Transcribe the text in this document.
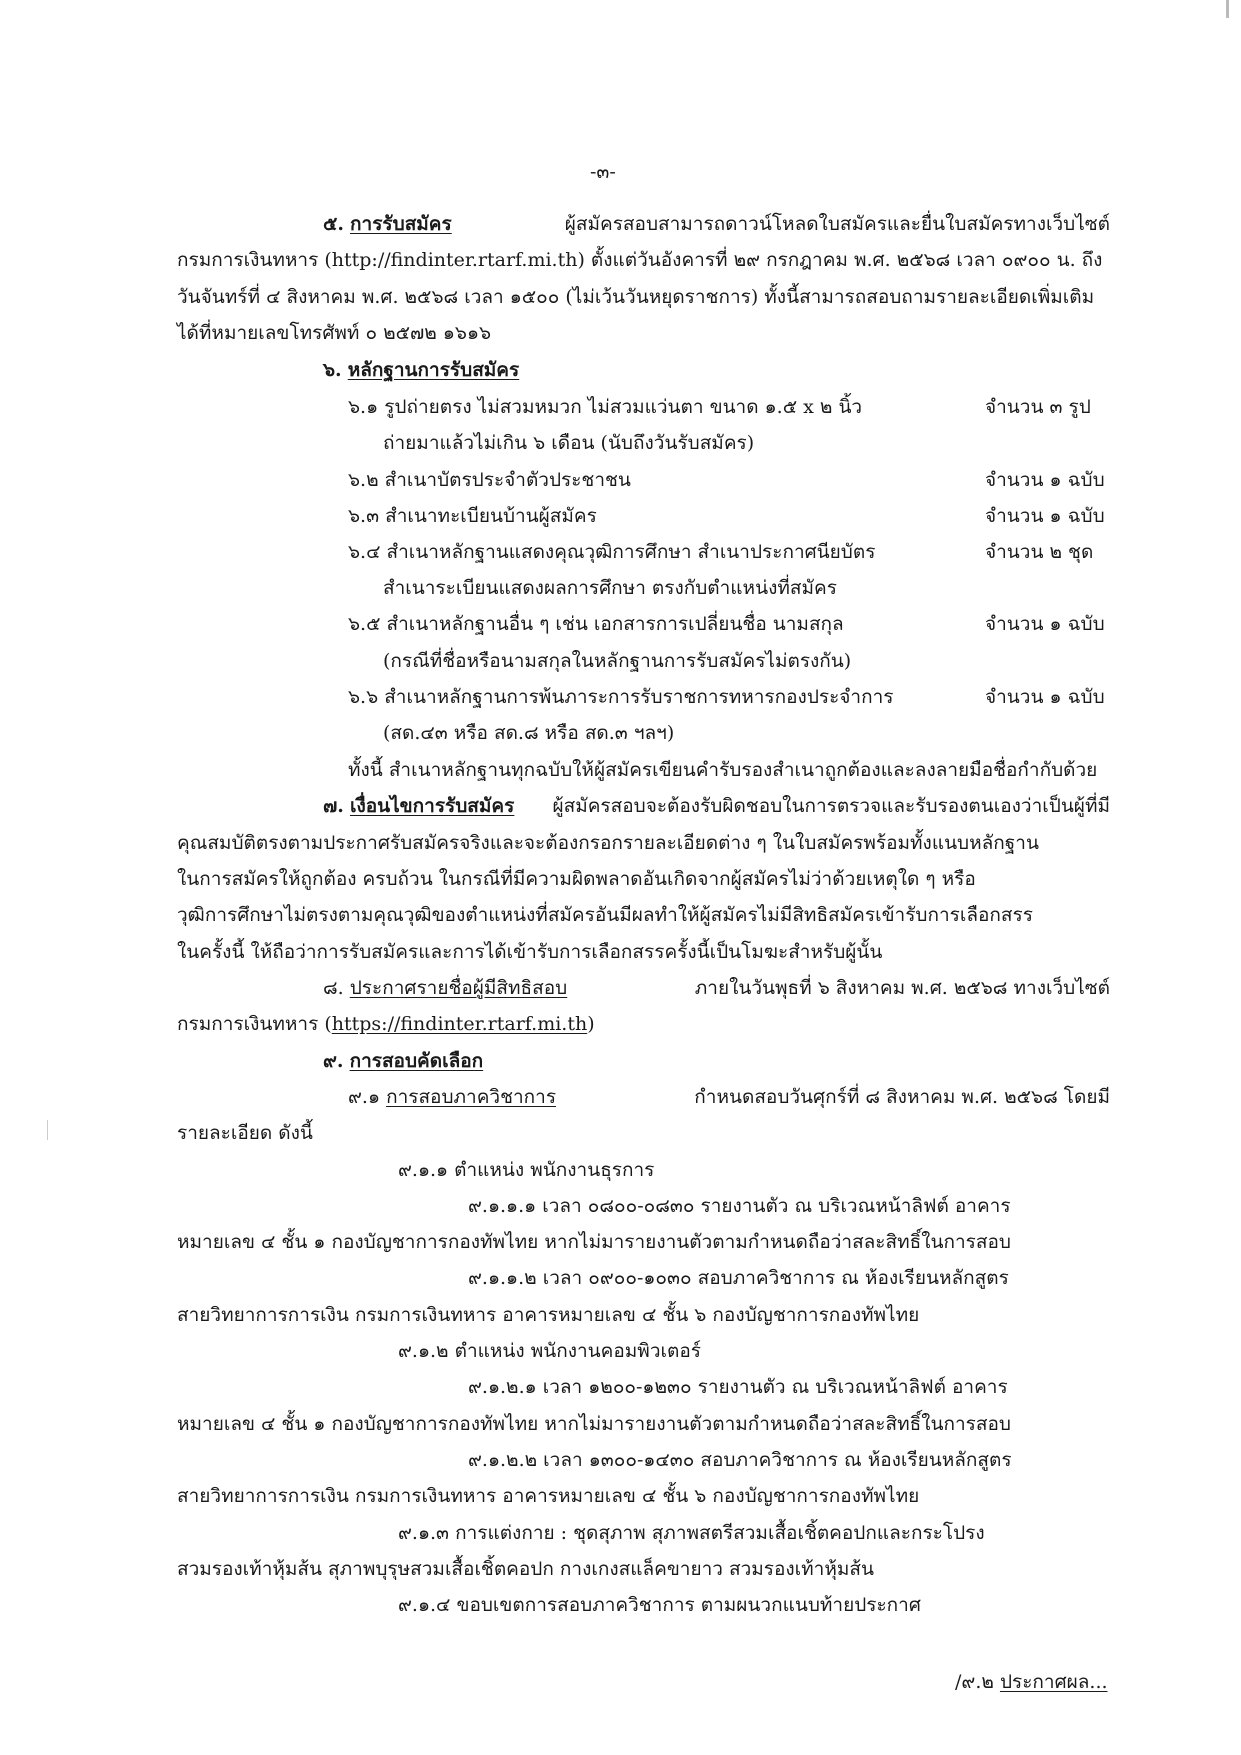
-๓-
๕. การรับสมัคร	ผู้สมัครสอบสามารถดาวน์โหลดใบสมัครและยื่นใบสมัครทางเว็บไซต์
กรมการเงินทหาร (http://findinter.rtarf.mi.th) ตั้งแต่วันอังคารที่ ๒๙ กรกฎาคม พ.ศ. ๒๕๖๘ เวลา ๐๙๐๐ น. ถึง
วันจันทร์ที่ ๔ สิงหาคม พ.ศ. ๒๕๖๘ เวลา ๑๕๐๐ (ไม่เว้นวันหยุดราชการ) ทั้งนี้สามารถสอบถามรายละเอียดเพิ่มเติม
ได้ที่หมายเลขโทรศัพท์ ๐ ๒๕๗๒ ๑๖๑๖
๖. หลักฐานการรับสมัคร
๖.๑ รูปถ่ายตรง ไม่สวมหมวก ไม่สวมแว่นตา ขนาด ๑.๕ x ๒ นิ้ว	จำนวน ๓ รูป
ถ่ายมาแล้วไม่เกิน ๖ เดือน (นับถึงวันรับสมัคร)
๖.๒ สำเนาบัตรประจำตัวประชาชน	จำนวน ๑ ฉบับ
๖.๓ สำเนาทะเบียนบ้านผู้สมัคร	จำนวน ๑ ฉบับ
๖.๔ สำเนาหลักฐานแสดงคุณวุฒิการศึกษา สำเนาประกาศนียบัตร	จำนวน ๒ ชุด
สำเนาระเบียนแสดงผลการศึกษา ตรงกับตำแหน่งที่สมัคร
๖.๕ สำเนาหลักฐานอื่น ๆ เช่น เอกสารการเปลี่ยนชื่อ นามสกุล	จำนวน ๑ ฉบับ
(กรณีที่ชื่อหรือนามสกุลในหลักฐานการรับสมัครไม่ตรงกัน)
๖.๖ สำเนาหลักฐานการพ้นภาระการรับราชการทหารกองประจำการ	จำนวน ๑ ฉบับ
(สด.๔๓ หรือ สด.๘ หรือ สด.๓ ฯลฯ)
ทั้งนี้ สำเนาหลักฐานทุกฉบับให้ผู้สมัครเขียนคำรับรองสำเนาถูกต้องและลงลายมือชื่อกำกับด้วย
๗. เงื่อนไขการรับสมัคร ผู้สมัครสอบจะต้องรับผิดชอบในการตรวจและรับรองตนเองว่าเป็นผู้ที่มี
คุณสมบัติตรงตามประกาศรับสมัครจริงและจะต้องกรอกรายละเอียดต่าง ๆ ในใบสมัครพร้อมทั้งแนบหลักฐาน
ในการสมัครให้ถูกต้อง ครบถ้วน ในกรณีที่มีความผิดพลาดอันเกิดจากผู้สมัครไม่ว่าด้วยเหตุใด ๆ หรือ
วุฒิการศึกษาไม่ตรงตามคุณวุฒิของตำแหน่งที่สมัครอันมีผลทำให้ผู้สมัครไม่มีสิทธิสมัครเข้ารับการเลือกสรร
ในครั้งนี้ ให้ถือว่าการรับสมัครและการได้เข้ารับการเลือกสรรครั้งนี้เป็นโมฆะสำหรับผู้นั้น
๘. ประกาศรายชื่อผู้มีสิทธิสอบ	ภายในวันพุธที่ ๖ สิงหาคม พ.ศ. ๒๕๖๘ ทางเว็บไซต์
กรมการเงินทหาร (https://findinter.rtarf.mi.th)
๙. การสอบคัดเลือก
๙.๑ การสอบภาควิชาการ	กำหนดสอบวันศุกร์ที่ ๘ สิงหาคม พ.ศ. ๒๕๖๘ โดยมี
รายละเอียด ดังนี้
๙.๑.๑ ตำแหน่ง พนักงานธุรการ
๙.๑.๑.๑ เวลา ๐๘๐๐-๐๘๓๐ รายงานตัว ณ บริเวณหน้าลิฟต์ อาคาร
หมายเลข ๔ ชั้น ๑ กองบัญชาการกองทัพไทย หากไม่มารายงานตัวตามกำหนดถือว่าสละสิทธิ์ในการสอบ
๙.๑.๑.๒ เวลา ๐๙๐๐-๑๐๓๐ สอบภาควิชาการ ณ ห้องเรียนหลักสูตร
สายวิทยาการการเงิน กรมการเงินทหาร อาคารหมายเลข ๔ ชั้น ๖ กองบัญชาการกองทัพไทย
๙.๑.๒ ตำแหน่ง พนักงานคอมพิวเตอร์
๙.๑.๒.๑ เวลา ๑๒๐๐-๑๒๓๐ รายงานตัว ณ บริเวณหน้าลิฟต์ อาคาร
หมายเลข ๔ ชั้น ๑ กองบัญชาการกองทัพไทย หากไม่มารายงานตัวตามกำหนดถือว่าสละสิทธิ์ในการสอบ
๙.๑.๒.๒ เวลา ๑๓๐๐-๑๔๓๐ สอบภาควิชาการ ณ ห้องเรียนหลักสูตร
สายวิทยาการการเงิน กรมการเงินทหาร อาคารหมายเลข ๔ ชั้น ๖ กองบัญชาการกองทัพไทย
๙.๑.๓ การแต่งกาย : ชุดสุภาพ สุภาพสตรีสวมเสื้อเชิ้ตคอปกและกระโปรง
สวมรองเท้าหุ้มส้น สุภาพบุรุษสวมเสื้อเชิ้ตคอปก กางเกงสแล็คขายาว สวมรองเท้าหุ้มส้น
๙.๑.๔ ขอบเขตการสอบภาควิชาการ ตามผนวกแนบท้ายประกาศ
/๙.๒ ประกาศผล...
